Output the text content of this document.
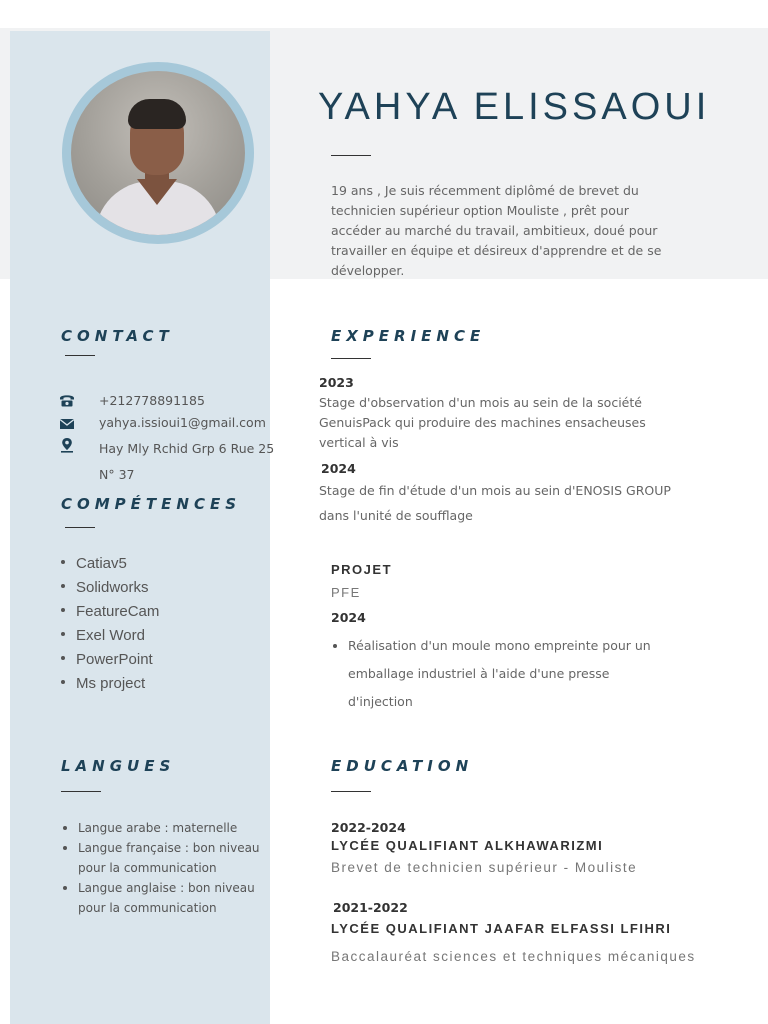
YAHYA ELISSAOUI

19 ans , Je suis récemment diplômé de brevet du technicien supérieur option Mouliste , prêt pour accéder au marché du travail, ambitieux, doué pour travailler en équipe et désireux d'apprendre et de se développer.

CONTACT
+212778891185
yahya.issioui1@gmail.com
Hay Mly Rchid Grp 6 Rue 25
N° 37
COMPÉTENCES
Catiav5
Solidworks
FeatureCam
Exel Word
PowerPoint
Ms project
LANGUES
Langue arabe : maternelle
Langue française : bon niveau pour la communication
Langue anglaise : bon niveau pour la communication
EXPERIENCE
2023

Stage d'observation d'un mois au sein de la société GenuisPack qui produire des machines ensacheuses vertical à vis

2024

Stage de fin d'étude d'un mois au sein d'ENOSIS GROUP dans l'unité de soufflage

PROJET
PFE
2024
Réalisation d'un moule mono empreinte pour un emballage industriel à l'aide d'une presse d'injection
EDUCATION
2022-2024
LYCÉE QUALIFIANT ALKHAWARIZMI
Brevet de technicien supérieur - Mouliste
2021-2022
LYCÉE QUALIFIANT JAAFAR ELFASSI LFIHRI
Baccalauréat sciences et techniques mécaniques
